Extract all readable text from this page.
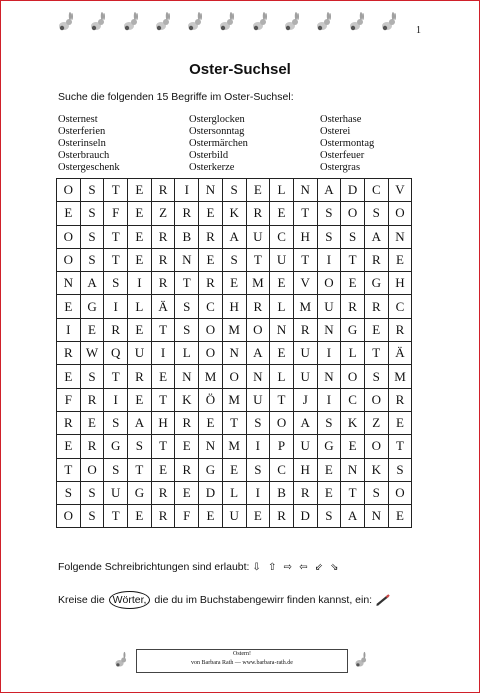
1
Oster-Suchsel
Suche die folgenden 15 Begriffe im Oster-Suchsel:
Osternest	Osterglocken	Osterhase
Osterferien	Ostersonntag	Osterei
Osterinseln	Ostermärchen	Ostermontag
Osterbrauch	Osterbild	Osterfeuer
Ostergeschenk	Osterkerze	Ostergras
O	S	T	E	R	I	N	S	E	L	N	A	D	C	V
E	S	F	E	Z	R	E	K	R	E	T	S	O	S	O
O	S	T	E	R	B	R	A	U	C	H	S	S	A	N
O	S	T	E	R	N	E	S	T	U	T	I	T	R	E
N	A	S	I	R	T	R	E	M	E	V	O	E	G	H
E	G	I	L	Ä	S	C	H	R	L	M	U	R	R	C
I	E	R	E	T	S	O	M	O	N	R	N	G	E	R
R	W	Q	U	I	L	O	N	A	E	U	I	L	T	Ä
E	S	T	R	E	N	M	O	N	L	U	N	O	S	M
F	R	I	E	T	K	Ö	M	U	T	J	I	C	O	R
R	E	S	A	H	R	E	T	S	O	A	S	K	Z	E
E	R	G	S	T	E	N	M	I	P	U	G	E	O	T
T	O	S	T	E	R	G	E	S	C	H	E	N	K	S
S	S	U	G	R	E	D	L	I	B	R	E	T	S	O
O	S	T	E	R	F	E	U	E	R	D	S	A	N	E
Folgende Schreibrichtungen sind erlaubt: ⇩ ⇧ ⇨ ⇦ ⇙ ⇘
Kreise die Wörter, die du im Buchstabengewirr finden kannst, ein:
Ostern!
von Barbara Rath — www.barbara-rath.de
